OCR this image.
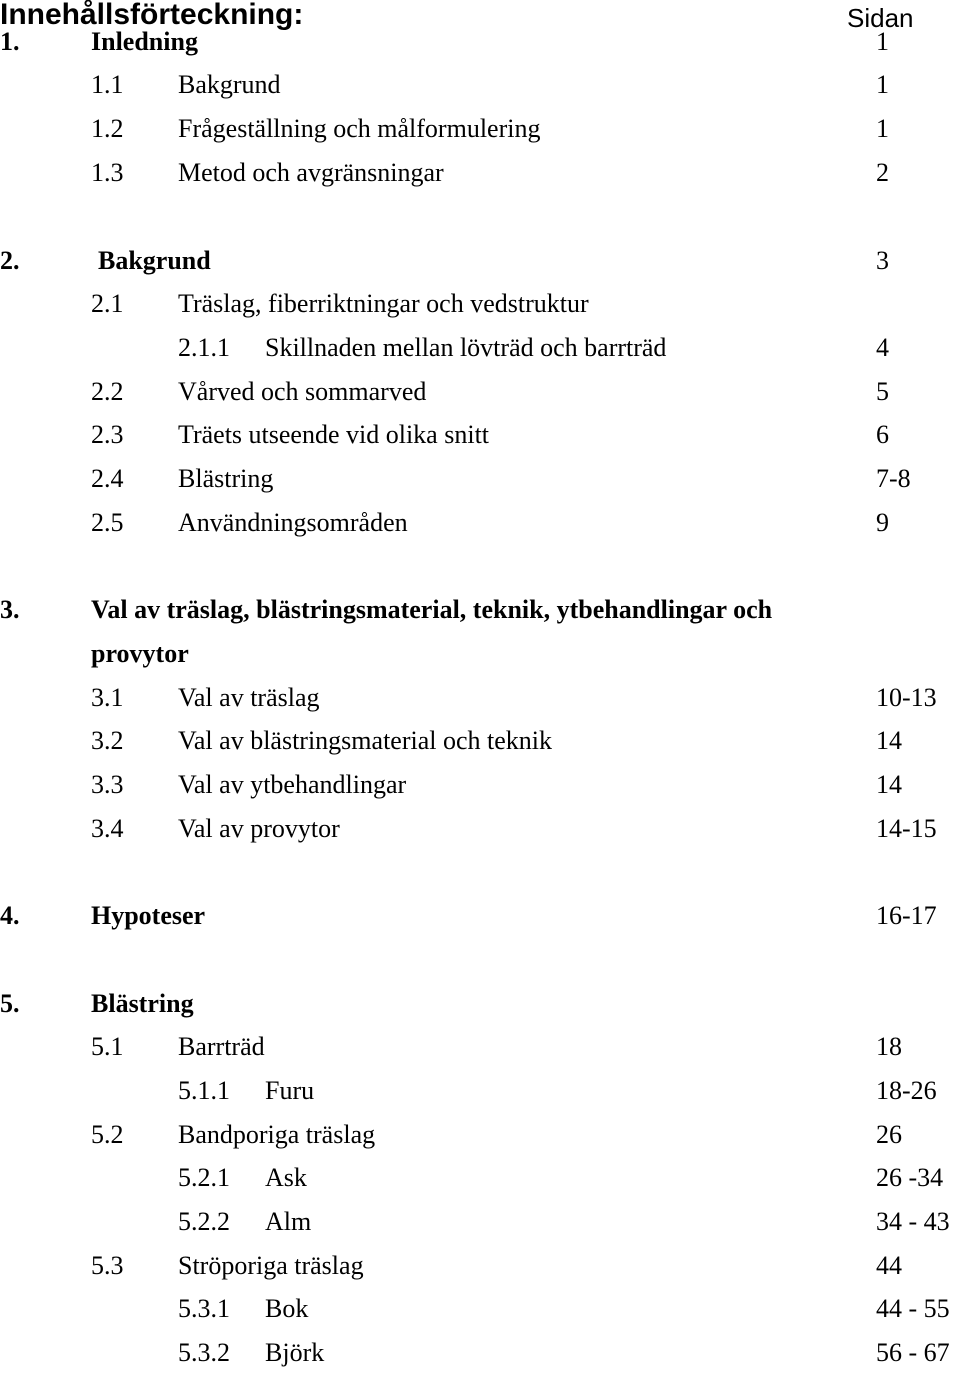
Innehållsförteckning:	Sidan
1.	Inledning	1
1.1 Bakgrund	1
1.2 Frågeställning och målformulering	1
1.3 Metod och avgränsningar	2
2.	Bakgrund	3
2.1 Träslag, fiberriktningar och vedstruktur
2.1.1 Skillnaden mellan lövträd och barrträd	4
2.2 Vårved och sommarved	5
2.3 Träets utseende vid olika snitt	6
2.4 Blästring	7-8
2.5 Användningsområden	9
3.	Val av träslag, blästringsmaterial, teknik, ytbehandlingar och
provytor
3.1 Val av träslag	10-13
3.2 Val av blästringsmaterial och teknik	14
3.3 Val av ytbehandlingar	14
3.4 Val av provytor	14-15
4.	Hypoteser	16-17
5.	Blästring
5.1 Barrträd	18
5.1.1 Furu	18-26
5.2 Bandporiga träslag	26
5.2.1 Ask	26 -34
5.2.2 Alm	34 - 43
5.3 Ströporiga träslag	44
5.3.1 Bok	44 - 55
5.3.2 Björk	56 - 67
